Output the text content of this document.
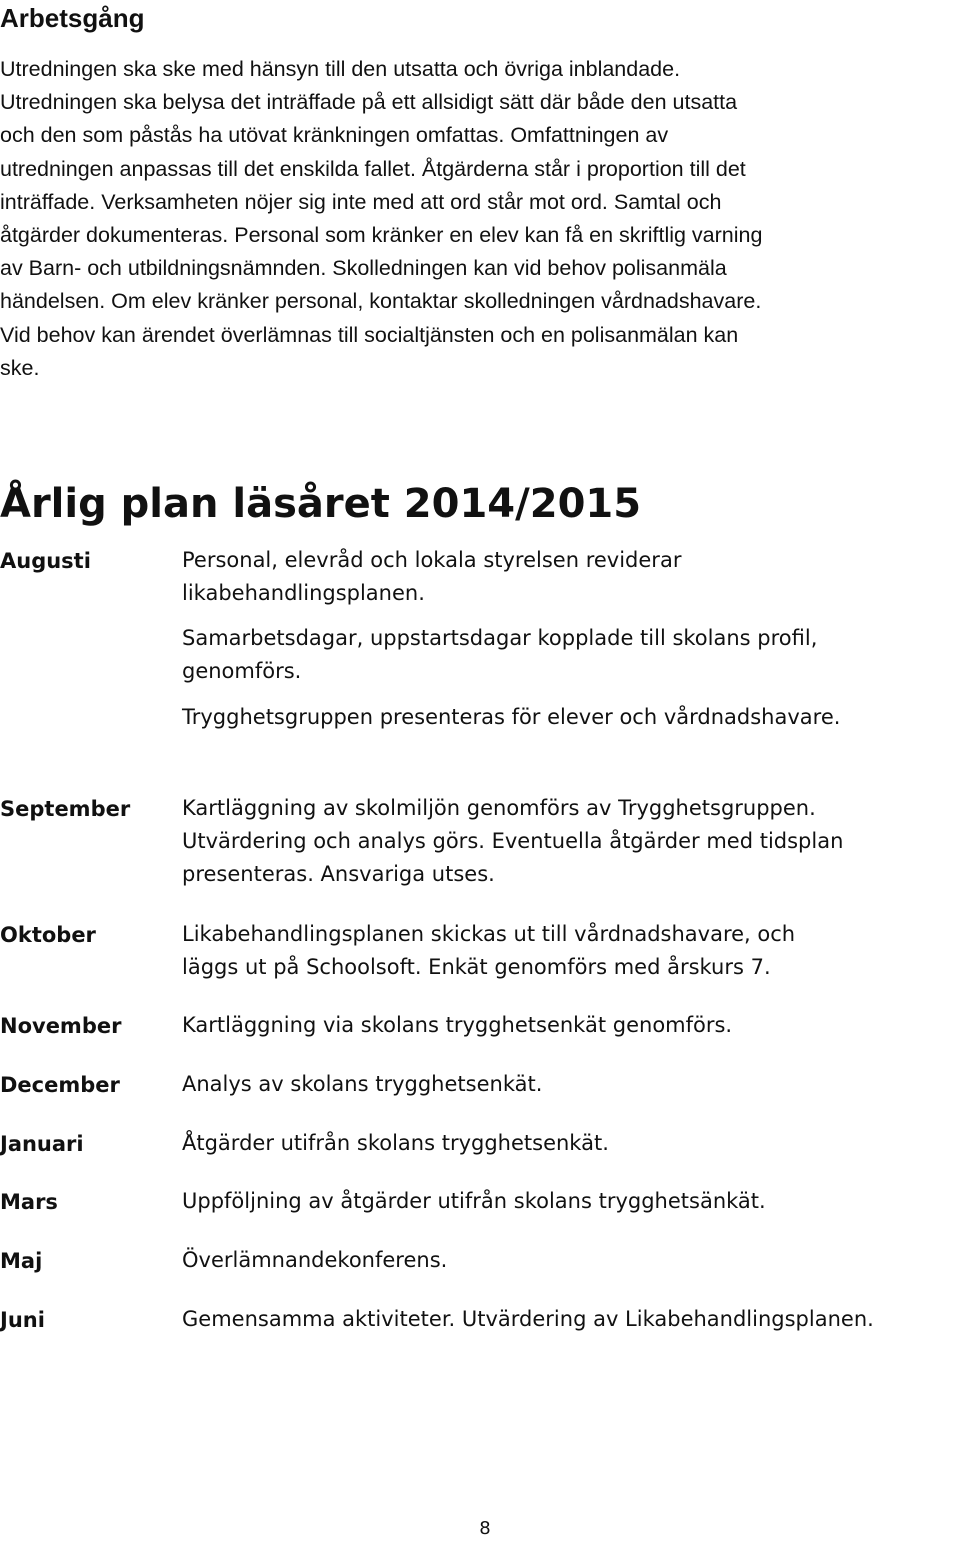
Arbetsgång

Utredningen ska ske med hänsyn till den utsatta och övriga inblandade.
Utredningen ska belysa det inträffade på ett allsidigt sätt där både den utsatta
och den som påstås ha utövat kränkningen omfattas. Omfattningen av
utredningen anpassas till det enskilda fallet. Åtgärderna står i proportion till det
inträffade. Verksamheten nöjer sig inte med att ord står mot ord. Samtal och
åtgärder dokumenteras. Personal som kränker en elev kan få en skriftlig varning
av Barn- och utbildningsnämnden. Skolledningen kan vid behov polisanmäla
händelsen. Om elev kränker personal, kontaktar skolledningen vårdnadshavare.
Vid behov kan ärendet överlämnas till socialtjänsten och en polisanmälan kan
ske.

Årlig plan läsåret 2014/2015
Augusti	Personal, elevråd och lokala styrelsen reviderar
likabehandlingsplanen.

Samarbetsdagar, uppstartsdagar kopplade till skolans profil,
genomförs.

Trygghetsgruppen presenteras för elever och vårdnadshavare.

September Kartläggning av skolmiljön genomförs av Trygghetsgruppen.
Utvärdering och analys görs. Eventuella åtgärder med tidsplan
presenteras. Ansvariga utses.

Oktober	Likabehandlingsplanen skickas ut till vårdnadshavare, och
läggs ut på Schoolsoft. Enkät genomförs med årskurs 7.

November	Kartläggning via skolans trygghetsenkät genomförs.

December	Analys av skolans trygghetsenkät.

Januari	Åtgärder utifrån skolans trygghetsenkät.

Mars	Uppföljning av åtgärder utifrån skolans trygghetsänkät.

Maj	Överlämnandekonferens.

Juni	Gemensamma aktiviteter. Utvärdering av Likabehandlingsplanen.

8
